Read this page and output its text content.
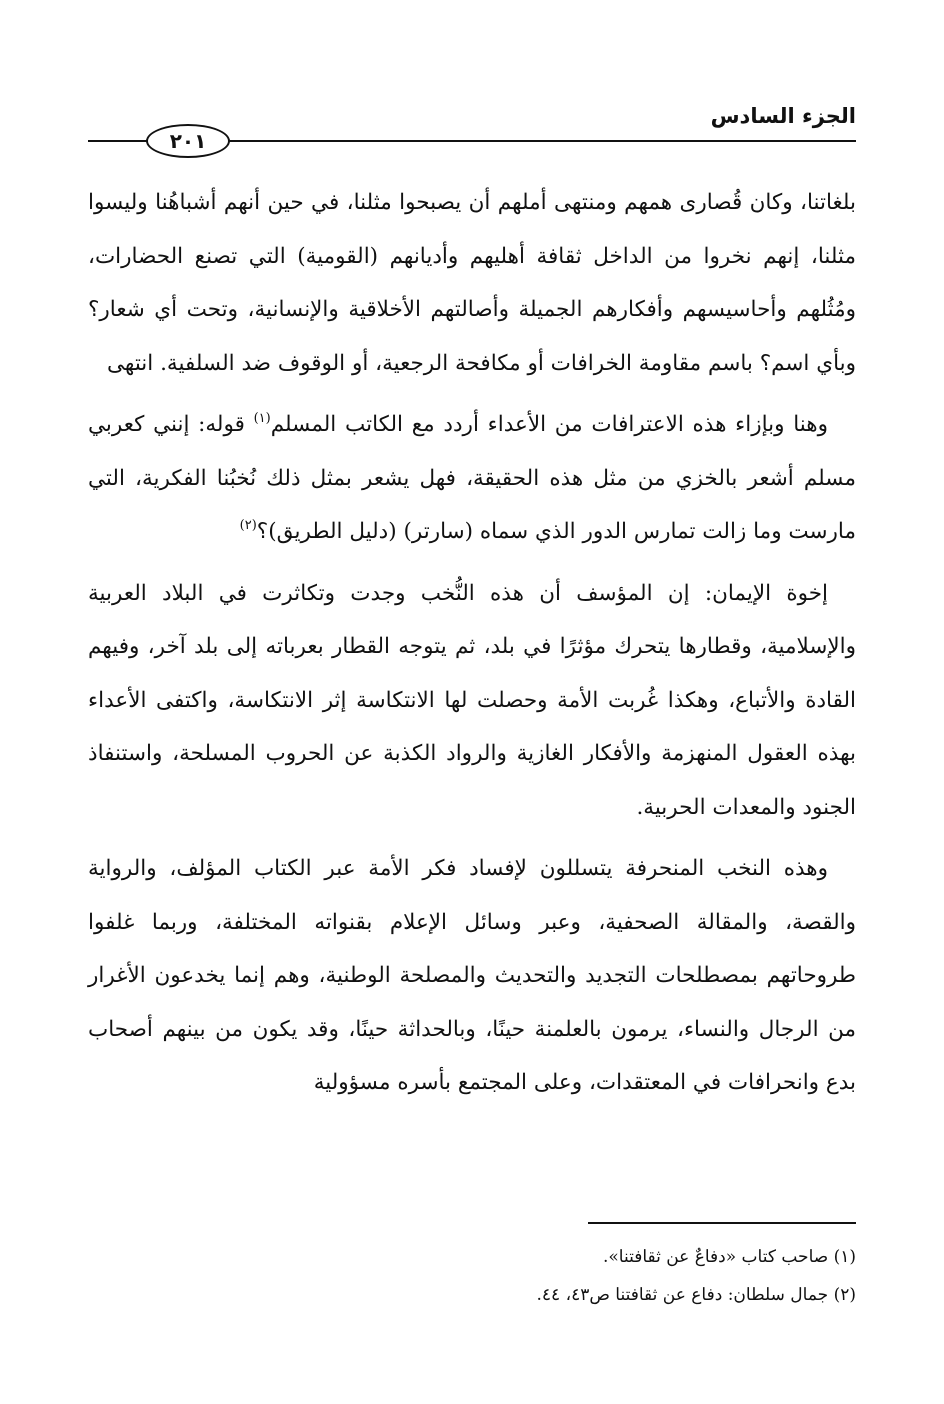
الجزء السادس
٢٠١

بلغاتنا، وكان قُصارى همهم ومنتهى أملهم أن يصبحوا مثلنا، في حين أنهم أشباهُنا وليسوا مثلنا، إنهم نخروا من الداخل ثقافة أهليهم وأديانهم (القومية) التي تصنع الحضارات، ومُثُلهم وأحاسيسهم وأفكارهم الجميلة وأصالتهم الأخلاقية والإنسانية، وتحت أي شعار؟ وبأي اسم؟ باسم مقاومة الخرافات أو مكافحة الرجعية، أو الوقوف ضد السلفية. انتهى

وهنا وبإزاء هذه الاعترافات من الأعداء أردد مع الكاتب المسلم$^{(١)}$ قوله: إنني كعربي مسلم أشعر بالخزي من مثل هذه الحقيقة، فهل يشعر بمثل ذلك نُخبُنا الفكرية، التي مارست وما زالت تمارس الدور الذي سماه (سارتر) (دليل الطريق)؟$^{(٢)}$

إخوة الإيمان: إن المؤسف أن هذه النُّخب وجدت وتكاثرت في البلاد العربية والإسلامية، وقطارها يتحرك مؤثرًا في بلد، ثم يتوجه القطار بعرباته إلى بلد آخر، وفيهم القادة والأتباع، وهكذا غُربت الأمة وحصلت لها الانتكاسة إثر الانتكاسة، واكتفى الأعداء بهذه العقول المنهزمة والأفكار الغازية والرواد الكذبة عن الحروب المسلحة، واستنفاذ الجنود والمعدات الحربية.

وهذه النخب المنحرفة يتسللون لإفساد فكر الأمة عبر الكتاب المؤلف، والرواية والقصة، والمقالة الصحفية، وعبر وسائل الإعلام بقنواته المختلفة، وربما غلفوا طروحاتهم بمصطلحات التجديد والتحديث والمصلحة الوطنية، وهم إنما يخدعون الأغرار من الرجال والنساء، يرمون بالعلمنة حينًا، وبالحداثة حينًا، وقد يكون من بينهم أصحاب بدع وانحرافات في المعتقدات، وعلى المجتمع بأسره مسؤولية

(١) صاحب كتاب «دفاعٌ عن ثقافتنا».
(٢) جمال سلطان: دفاع عن ثقافتنا ص٤٣، ٤٤.
